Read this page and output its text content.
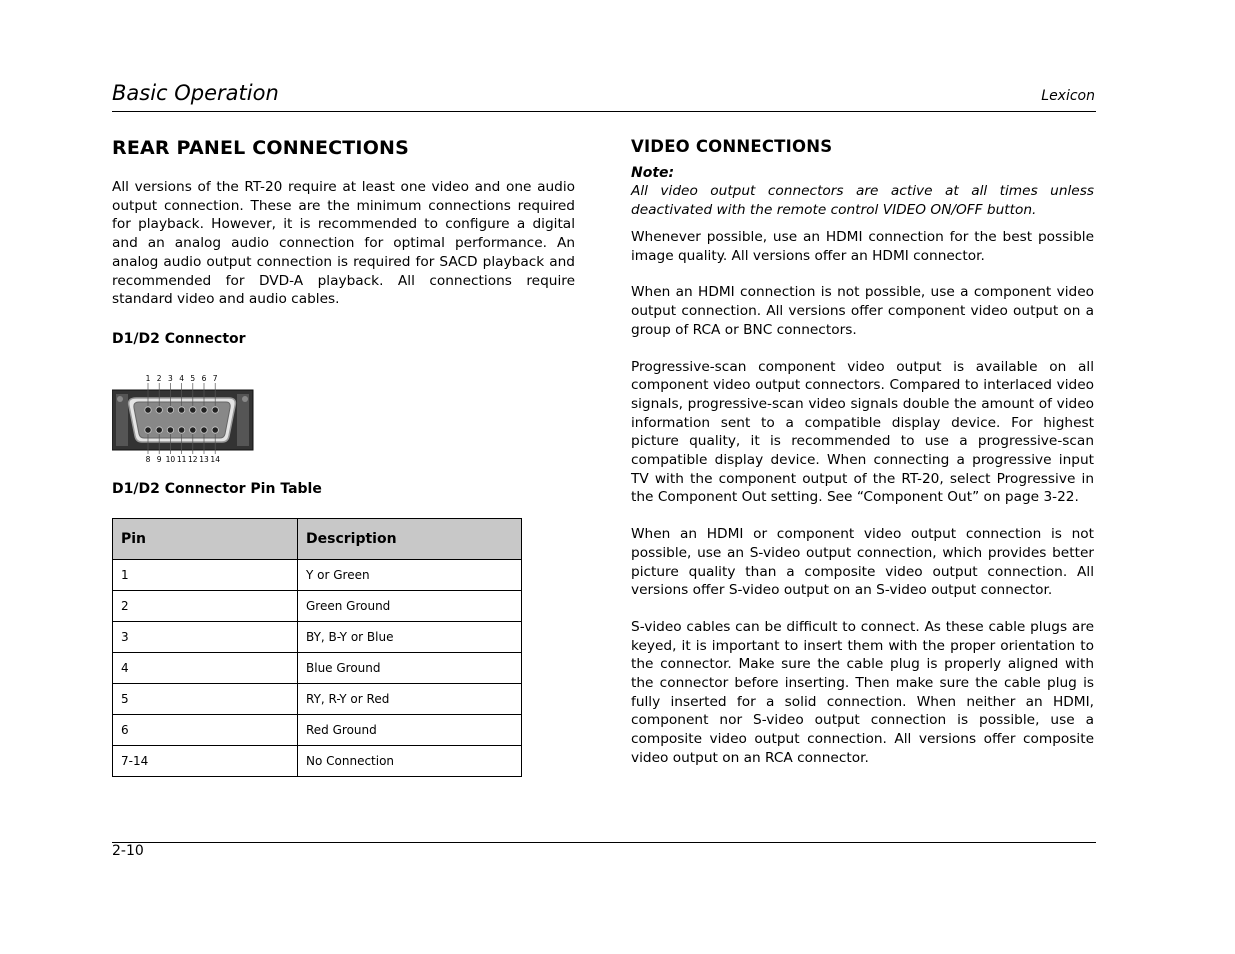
Basic Operation	Lexicon
REAR PANEL CONNECTIONS

All versions of the RT-20 require at least one video and one audio output connection. These are the minimum connections required for playback. However, it is recommended to configure a digital and an analog audio connection for optimal performance. An analog audio output connection is required for SACD playback and recommended for DVD-A playback. All connections require standard video and audio cables.

D1/D2 Connector
1 2 3 4 5 6 7
8 9 10 11 12 13 14
D1/D2 Connector Pin Table
Pin	Description
1	Y or Green
2	Green Ground
3	BY, B-Y or Blue
4	Blue Ground
5	RY, R-Y or Red
6	Red Ground
7-14	No Connection
VIDEO CONNECTIONS

Note:

All video output connectors are active at all times unless deactivated with the remote control VIDEO ON/OFF button.

Whenever possible, use an HDMI connection for the best possible image quality. All versions offer an HDMI connector.

When an HDMI connection is not possible, use a component video output connection. All versions offer component video output on a group of RCA or BNC connectors.

Progressive-scan component video output is available on all component video output connectors. Compared to interlaced video signals, progressive-scan video signals double the amount of video information sent to a compatible display device. For highest picture quality, it is recommended to use a progressive-scan compatible display device. When connecting a progressive input TV with the component output of the RT-20, select Progressive in the Component Out setting. See “Component Out” on page 3-22.

When an HDMI or component video output connection is not possible, use an S-video output connection, which provides better picture quality than a composite video output connection. All versions offer S-video output on an S-video output connector.

S-video cables can be difficult to connect. As these cable plugs are keyed, it is important to insert them with the proper orientation to the connector. Make sure the cable plug is properly aligned with the connector before inserting. Then make sure the cable plug is fully inserted for a solid connection. When neither an HDMI, component nor S-video output connection is possible, use a composite video output connection. All versions offer composite video output on an RCA connector.

2-10
